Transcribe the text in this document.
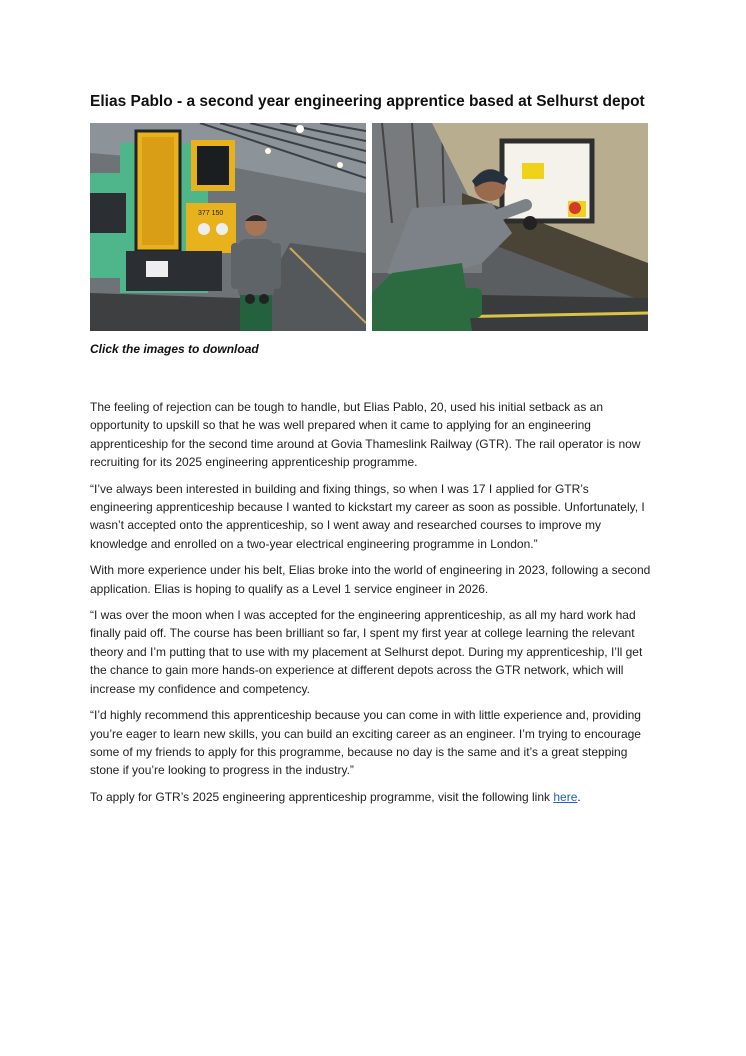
Elias Pablo - a second year engineering apprentice based at Selhurst depot
377 150
Click the images to download

The feeling of rejection can be tough to handle, but Elias Pablo, 20, used his initial setback as an opportunity to upskill so that he was well prepared when it came to applying for an engineering apprenticeship for the second time around at Govia Thameslink Railway (GTR). The rail operator is now recruiting for its 2025 engineering apprenticeship programme.

“I’ve always been interested in building and fixing things, so when I was 17 I applied for GTR’s engineering apprenticeship because I wanted to kickstart my career as soon as possible. Unfortunately, I wasn’t accepted onto the apprenticeship, so I went away and researched courses to improve my knowledge and enrolled on a two-year electrical engineering programme in London.”

With more experience under his belt, Elias broke into the world of engineering in 2023, following a second application. Elias is hoping to qualify as a Level 1 service engineer in 2026.

“I was over the moon when I was accepted for the engineering apprenticeship, as all my hard work had finally paid off. The course has been brilliant so far, I spent my first year at college learning the relevant theory and I’m putting that to use with my placement at Selhurst depot. During my apprenticeship, I’ll get the chance to gain more hands-on experience at different depots across the GTR network, which will increase my confidence and competency.

“I’d highly recommend this apprenticeship because you can come in with little experience and, providing you’re eager to learn new skills, you can build an exciting career as an engineer. I’m trying to encourage some of my friends to apply for this programme, because no day is the same and it’s a great stepping stone if you’re looking to progress in the industry.”

To apply for GTR’s 2025 engineering apprenticeship programme, visit the following link here.
